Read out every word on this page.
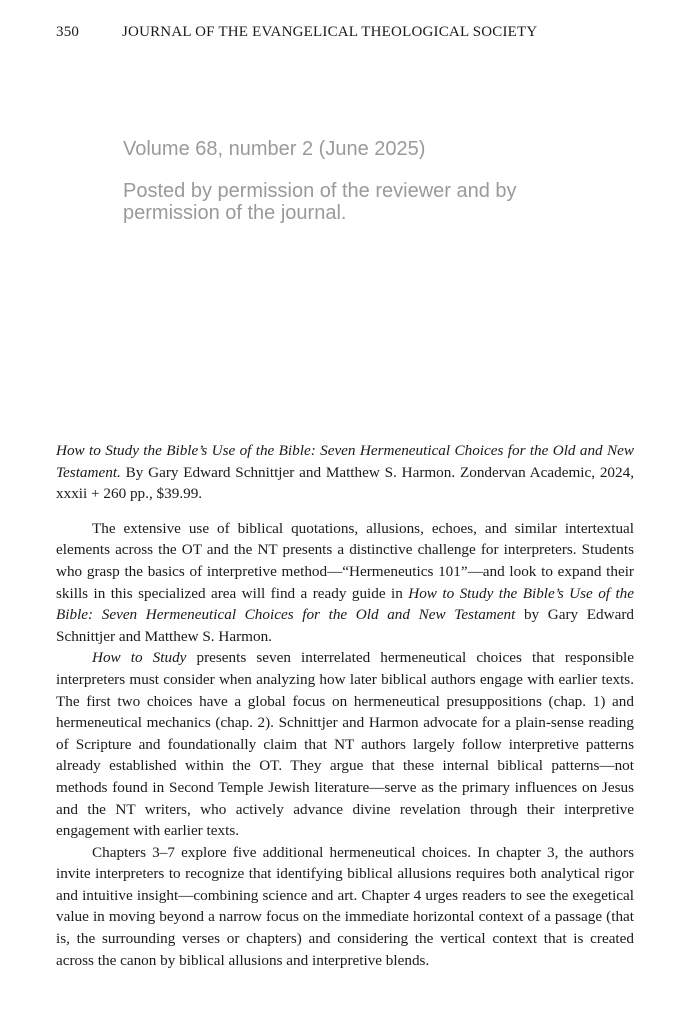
350	JOURNAL OF THE EVANGELICAL THEOLOGICAL SOCIETY

Volume 68, number 2 (June 2025)

Posted by permission of the reviewer and by permission of the journal.

How to Study the Bible’s Use of the Bible: Seven Hermeneutical Choices for the Old and New Testament. By Gary Edward Schnittjer and Matthew S. Harmon. Zondervan Academic, 2024, xxxii + 260 pp., $39.99.

The extensive use of biblical quotations, allusions, echoes, and similar intertextual elements across the OT and the NT presents a distinctive challenge for interpreters. Students who grasp the basics of interpretive method—“Hermeneutics 101”—and look to expand their skills in this specialized area will find a ready guide in How to Study the Bible’s Use of the Bible: Seven Hermeneutical Choices for the Old and New Testament by Gary Edward Schnittjer and Matthew S. Harmon.

How to Study presents seven interrelated hermeneutical choices that responsible interpreters must consider when analyzing how later biblical authors engage with earlier texts. The first two choices have a global focus on hermeneutical presuppositions (chap. 1) and hermeneutical mechanics (chap. 2). Schnittjer and Harmon advocate for a plain-sense reading of Scripture and foundationally claim that NT authors largely follow interpretive patterns already established within the OT. They argue that these internal biblical patterns—not methods found in Second Temple Jewish literature—serve as the primary influences on Jesus and the NT writers, who actively advance divine revelation through their interpretive engagement with earlier texts.

Chapters 3–7 explore five additional hermeneutical choices. In chapter 3, the authors invite interpreters to recognize that identifying biblical allusions requires both analytical rigor and intuitive insight—combining science and art. Chapter 4 urges readers to see the exegetical value in moving beyond a narrow focus on the immediate horizontal context of a passage (that is, the surrounding verses or chapters) and considering the vertical context that is created across the canon by biblical allusions and interpretive blends.
